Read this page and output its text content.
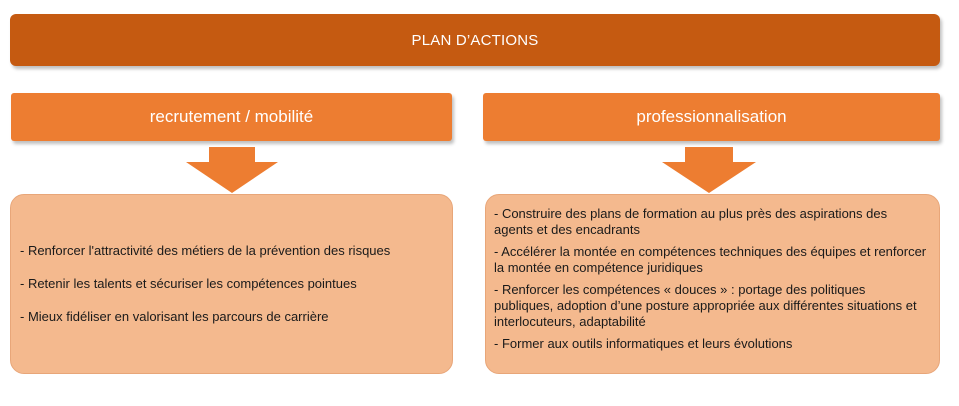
PLAN D’ACTIONS
recrutement / mobilité	professionnalisation
- Renforcer l'attractivité des métiers de la prévention des risques
- Retenir les talents et sécuriser les compétences pointues
- Mieux fidéliser en valorisant les parcours de carrière
- Construire des plans de formation au plus près des aspirations des agents et des encadrants
- Accélérer la montée en compétences techniques des équipes et renforcer la montée en compétence juridiques
- Renforcer les compétences « douces » : portage des politiques publiques, adoption d’une posture appropriée aux différentes situations et interlocuteurs, adaptabilité
- Former aux outils informatiques et leurs évolutions
